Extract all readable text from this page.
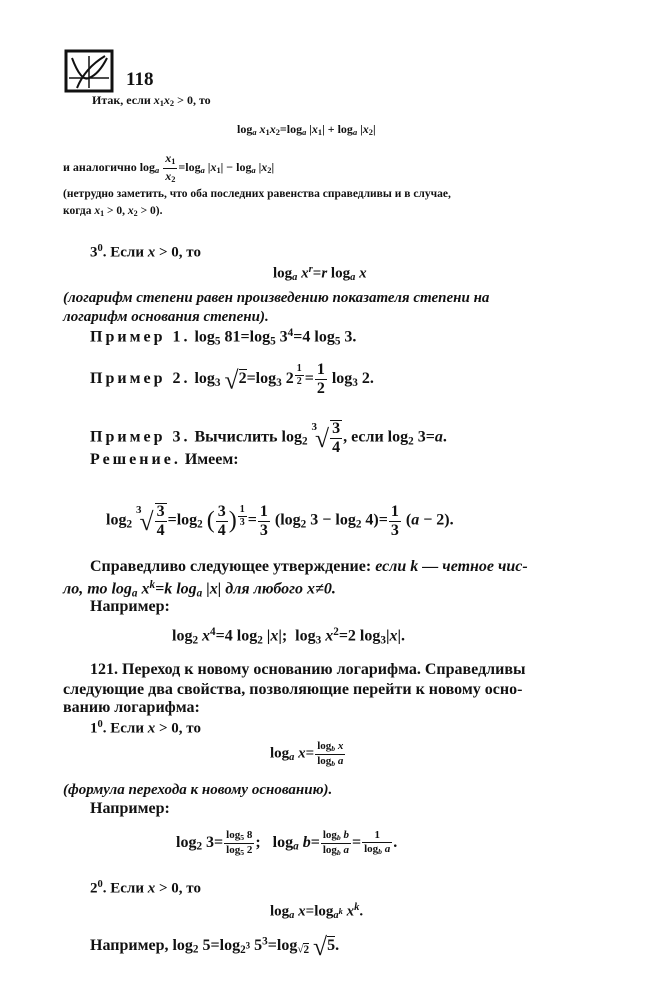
118
Итак, если $x_1x_2 > 0$, то
$\log_a x_1x_2=\log_a$ $|x_1| + \log_a |x_2|$
и аналогично $\log_a \frac{x_1}{x_2} =\log_a$ $|x_1| - \log_a |x_2|$
(нетрудно заметить, что оба последних равенства справедливы и в случае,
когда $x_1 > 0$, $x_2 > 0$).
$3^0$. Если x > 0, то
$\log_a x^r=r$ $\log_a x$
(логарифм степени равен произведению показателя степени на
логарифм основания степени).
Пример 1. $\log_5 81=\log_5$ $3^4=4$ $\log_5 3$.
Пример 2. $\log_3 √2=\log_3$ 2 $^{\frac{1}{2}} = \frac{1}{2} \log_3 2$.
Пример 3. Вычислить $\log_2 ^3√ \frac{3}{4}$ , если $\log_2 3=a$.
Решение. Имеем:
$\log_2 ^3√ \frac{3}{4} =\log_2$ ( $\frac{3}{4}$ ) $^{\frac{1}{3}} = \frac{1}{3} (\log_2$ $3 - \log_2 4)= \frac{1}{3} (a - 2)$.
Справедливо следующее утверждение: если k — четное чис-
ло, то $\log_a x^k=k$ $\log_a |x|$ для любого x≠0.
Например:
$\log_2 x^4=4$ $\log_2 |x|$;  $\log_3 x^2=2$ $\log_3|x|$.
121. Переход к новому основанию логарифма. Справедливы
следующие два свойства, позволяющие перейти к новому осно-
ванию логарифма:
$1^0$. Если x > 0, то
$\log_a x= \frac{\log_b x}{\log_b a}$
(формула перехода к новому основанию).
Например:
$\log_2 3= \frac{\log_5 8}{\log_5 2}$ ;   $\log_a b= \frac{\log_b b}{\log_b a} = \frac{1}{\log_b a}$ .
$2^0$. Если x > 0, то
$\log_a x=\log_{a^k}$ $x^k$.
Например, $\log_2 5=\log_{2^3}$ $5^3=\log_{√2}$ √5.
